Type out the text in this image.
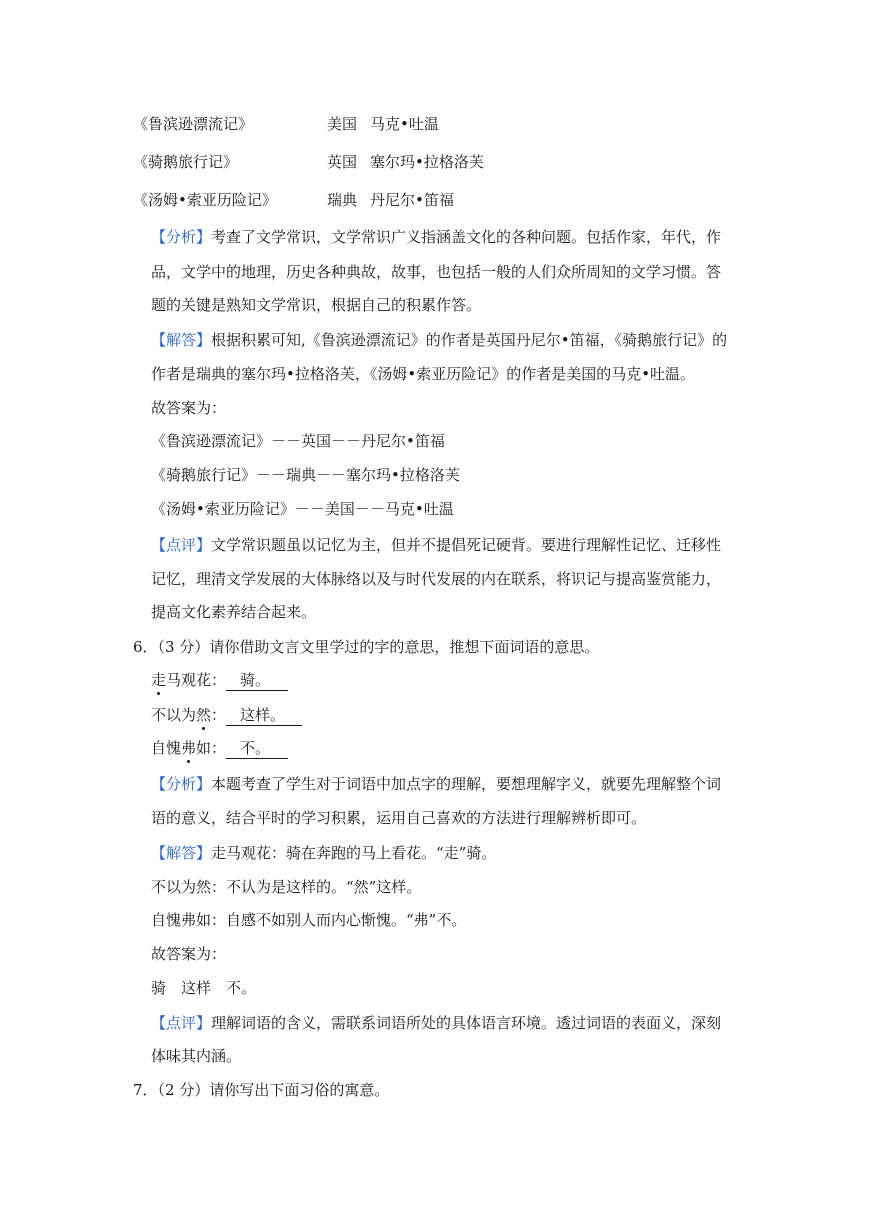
《鲁滨逊漂流记》	美国 马克•吐温
《骑鹅旅行记》	英国 塞尔玛•拉格洛芙
《汤姆•索亚历险记》	瑞典 丹尼尔•笛福
【分析】考查了文学常识，文学常识广义指涵盖文化的各种问题。包括作家，年代，作
品，文学中的地理，历史各种典故，故事，也包括一般的人们众所周知的文学习惯。答
题的关键是熟知文学常识，根据自己的积累作答。
【解答】根据积累可知,《鲁滨逊漂流记》的作者是英国丹尼尔•笛福，《骑鹅旅行记》的
作者是瑞典的塞尔玛•拉格洛芙，《汤姆•索亚历险记》的作者是美国的马克•吐温。
故答案为：
《鲁滨逊漂流记》－－英国－－丹尼尔•笛福
《骑鹅旅行记》－－瑞典－－塞尔玛•拉格洛芙
《汤姆•索亚历险记》－－美国－－马克•吐温
【点评】文学常识题虽以记忆为主，但并不提倡死记硬背。要进行理解性记忆、迁移性
记忆，理清文学发展的大体脉络以及与时代发展的内在联系，将识记与提高鉴赏能力，
提高文化素养结合起来。
6．（3 分）请你借助文言文里学过的字的意思，推想下面词语的意思。
走马观花： 骑。
不以为然： 这样。
自愧弗如： 不。
【分析】本题考查了学生对于词语中加点字的理解，要想理解字义，就要先理解整个词
语的意义，结合平时的学习积累，运用自己喜欢的方法进行理解辨析即可。
【解答】走马观花：骑在奔跑的马上看花。“走”骑。
不以为然：不认为是这样的。“然”这样。
自愧弗如：自感不如别人而内心惭愧。“弗”不。
故答案为：
骑　这样　不。
【点评】理解词语的含义，需联系词语所处的具体语言环境。透过词语的表面义，深刻
体味其内涵。
7．（2 分）请你写出下面习俗的寓意。
